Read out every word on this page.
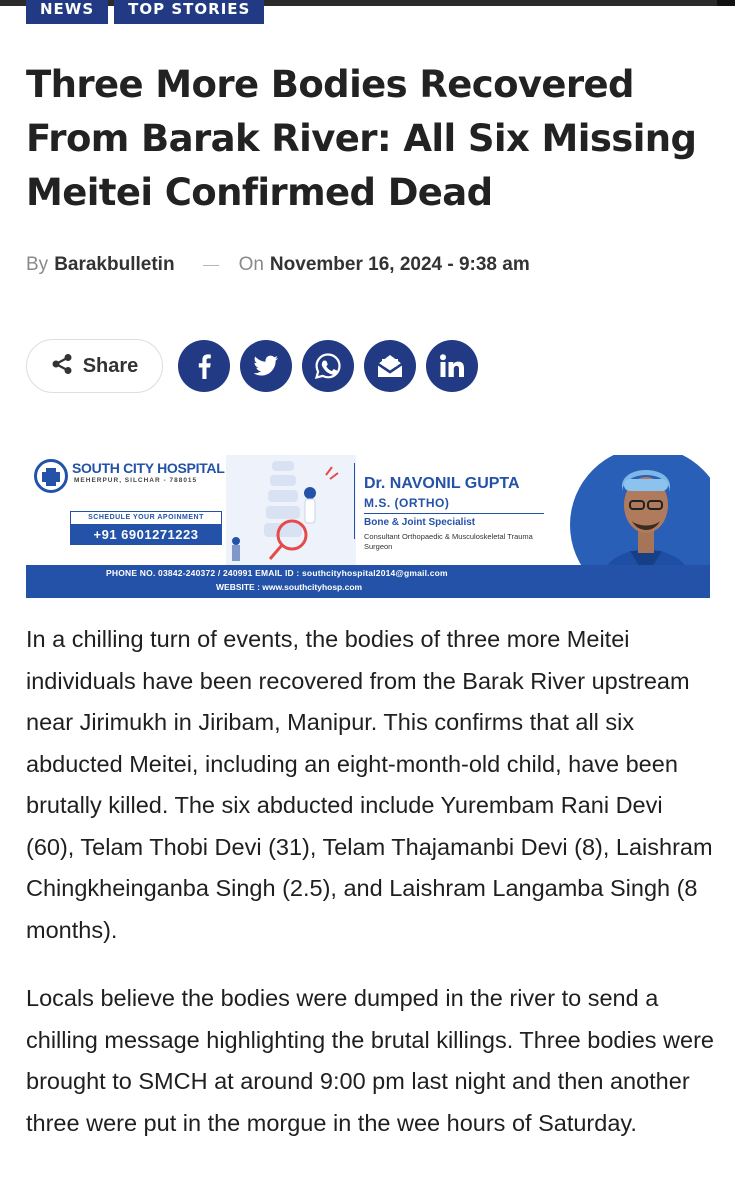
NEWS TOP STORIES
Three More Bodies Recovered From Barak River: All Six Missing Meitei Confirmed Dead
By Barakbulletin	On November 16, 2024 - 9:38 am
Share
SOUTH CITY HOSPITAL
MEHERPUR, SILCHAR - 788015
SCHEDULE YOUR APOINMENT
+91 6901271223
Dr. NAVONIL GUPTA
M.S. (ORTHO)
Bone & Joint Specialist
Consultant Orthopaedic & Musculoskeletal Trauma Surgeon
PHONE NO. 03842-240372 / 240991 EMAIL ID : southcityhospital2014@gmail.com
WEBSITE : www.southcityhosp.com

In a chilling turn of events, the bodies of three more Meitei individuals have been recovered from the Barak River upstream near Jirimukh in Jiribam, Manipur. This confirms that all six abducted Meitei, including an eight-month-old child, have been brutally killed. The six abducted include Yurembam Rani Devi (60), Telam Thobi Devi (31), Telam Thajamanbi Devi (8), Laishram Chingkheinganba Singh (2.5), and Laishram Langamba Singh (8 months).

Locals believe the bodies were dumped in the river to send a chilling message highlighting the brutal killings. Three bodies were brought to SMCH at around 9:00 pm last night and then another three were put in the morgue in the wee hours of Saturday.
